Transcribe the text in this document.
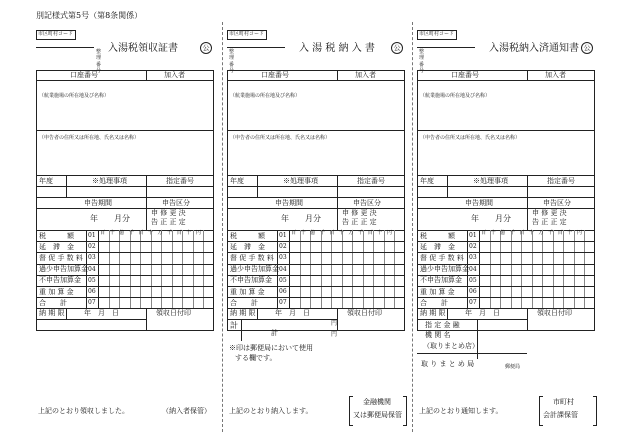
別記様式第5号（第8条関係）
市区町村コード
整
理
番
号
入湯税領収証書	公
口座番号	加入者
（航業施場の所在地及び名称）
（申告者の住所又は所在地、氏名又は名称）
年度	※処理事項	指定番号
申告期間	申告区分
年　　月分
申 修 更 決
告 正 正 定
百 十 億 千 百 十 万 千 百 十 円
税　　　額 01
延　滞　金 02
督 促 手 数 料 03
過少申告加算金 04
不申告加算金 05
重 加 算 金 06
合　　計	07
納 期 限	年　月　日	領収日付印
上記のとおり領収しました。	（納入者保管）
市区町村コード
整
理
番
号
入 湯 税 納 入 書	公
口座番号	加入者
（航業施場の所在地及び名称）
（申告者の住所又は所在地、氏名又は名称）
年度	※処理事項	指定番号
申告期間	申告区分
年　　月分
申 修 更 決
告 正 正 定
百 十 億 千 百 十 万 千 百 十 円
税　　　額 01
延　滞　金 02
督 促 手 数 料 03
過少申告加算金 04
不申告加算金 05
重 加 算 金 06
合　　計	07
納 期 限	年　月　日	領収日付印
計
計
円
円
※印は郵便局において使用
する欄です。
上記のとおり納入します。
金融機関
又は郵便局保管
市区町村コード
整
理
番
号
入湯税納入済通知書 公
口座番号	加入者
（航業施場の所在地及び名称）
（申告者の住所又は所在地、氏名又は名称）
年度	※処理事項	指定番号
申告期間	申告区分
年　　月分
申 修 更 決
告 正 正 定
百 十 億 千 百 十 万 千 百 十 円
税　　　額 01
延　滞　金 02
督 促 手 数 料 03
過少申告加算金 04
不申告加算金 05
重 加 算 金 06
合　　計	07
納 期 限	年　月　日	領収日付印
指 定 金 融
機 関 名
（取りまとめ店）
取 り ま と め 局	郵便局
上記のとおり通知します。
市町村
会計課保管
